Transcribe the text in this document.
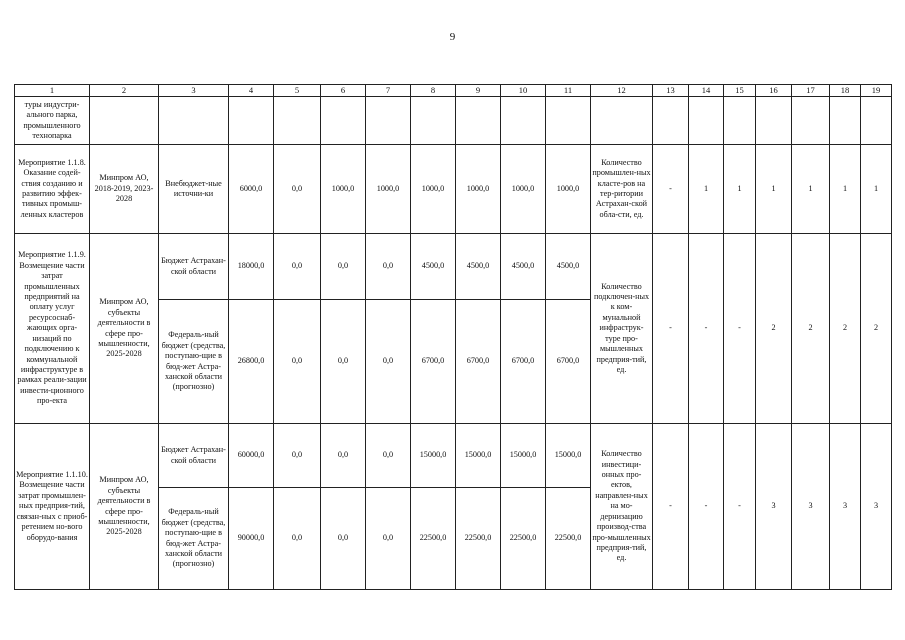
9
1	2	3	4	5	6	7	8	9	10	11	12	13	14	15	16	17	18	19
туры индустри-ального парка, промышленного технопарка																		
Мероприятие 1.1.8. Оказание содей-ствия созданию и развитию эффек-тивных промыш-ленных кластеров	Минпром АО, 2018-2019, 2023-2028	Внебюджет-ные источни-ки	6000,0	0,0	1000,0	1000,0	1000,0	1000,0	1000,0	1000,0	Количество промышлен-ных класте-ров на тер-ритории Астрахан-ской обла-сти, ед.	-	1	1	1	1	1	1
Мероприятие 1.1.9. Возмещение части затрат промышленных предприятий на оплату услуг ресурсоснаб-жающих орга-низаций по подключению к коммунальной инфраструктуре в рамках реали-зации инвести-ционного про-екта	Минпром АО, субъекты деятельности в сфере про-мышленности, 2025-2028	Бюджет Астрахан-ской области	18000,0	0,0	0,0	0,0	4500,0	4500,0	4500,0	4500,0	Количество подключен-ных к ком-мунальной инфраструк-туре про-мышленных предприя-тий, ед.	-	-	-	2	2	2	2
		Федераль-ный бюджет (средства, поступаю-щие в бюд-жет Астра-ханской области (прогнозно)	26800,0	0,0	0,0	0,0	6700,0	6700,0	6700,0	6700,0								
Мероприятие 1.1.10. Возмещение части затрат промышлен-ных предприя-тий, связан-ных с приоб-ретением но-вого оборудо-вания	Минпром АО, субъекты деятельности в сфере про-мышленности, 2025-2028	Бюджет Астрахан-ской области	60000,0	0,0	0,0	0,0	15000,0	15000,0	15000,0	15000,0	Количество инвестици-онных про-ектов, направлен-ных на мо-дернизацию производ-ства про-мышленных предприя-тий, ед.	-	-	-	3	3	3	3
		Федераль-ный бюджет (средства, поступаю-щие в бюд-жет Астра-ханской области (прогнозно)	90000,0	0,0	0,0	0,0	22500,0	22500,0	22500,0	22500,0								
